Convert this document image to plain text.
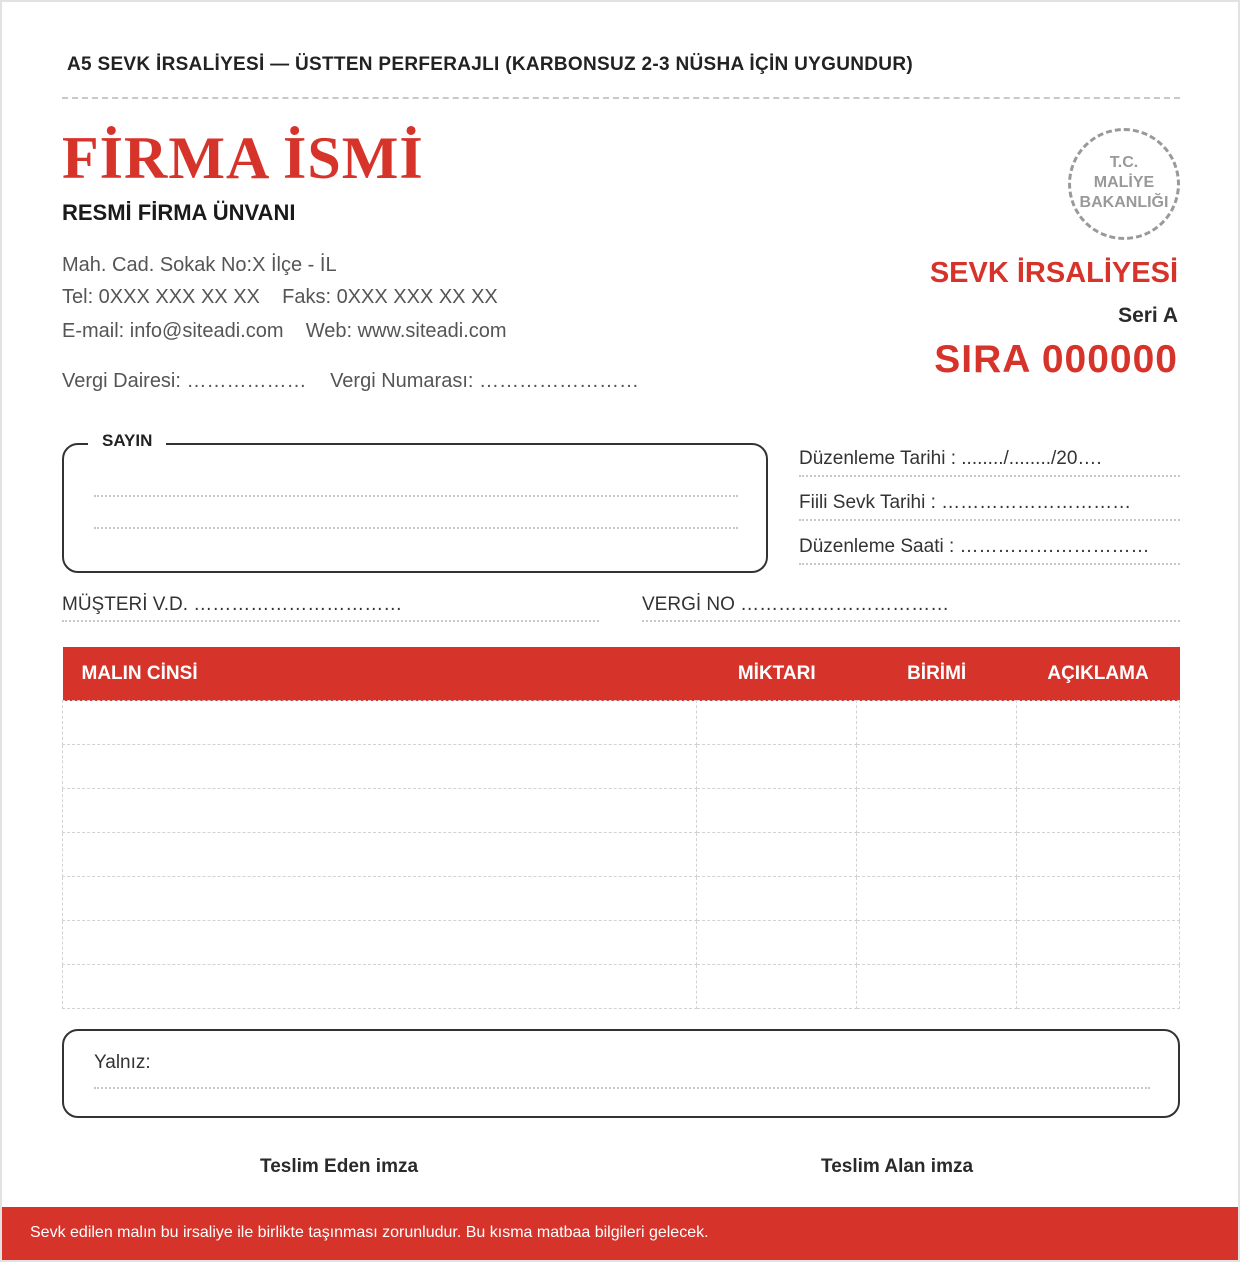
A5 SEVK İRSALİYESİ — ÜSTTEN PERFERAJLI (KARBONSUZ 2-3 NÜSHA İÇİN UYGUNDUR)
FİRMA İSMİ
RESMİ FİRMA ÜNVANI
Mah. Cad. Sokak No:X İlçe - İL
Tel: 0XXX XXX XX XX Faks: 0XXX XXX XX XX
E-mail: info@siteadi.com Web: www.siteadi.com
Vergi Dairesi: ……………… Vergi Numarası: ……………………
T.C.
MALİYE
BAKANLIĞI
SEVK İRSALİYESİ
Seri A
SIRA 000000
SAYIN
Düzenleme Tarihi : ......../......../20….
Fiili Sevk Tarihi : …………………………
Düzenleme Saati : …………………………
MÜŞTERİ V.D. ……………………………	VERGİ NO ……………………………
MALIN CİNSİ	MİKTARI	BİRİMİ	AÇIKLAMA

Yalnız:
Teslim Eden imza	Teslim Alan imza
Sevk edilen malın bu irsaliye ile birlikte taşınması zorunludur. Bu kısma matbaa bilgileri gelecek.
